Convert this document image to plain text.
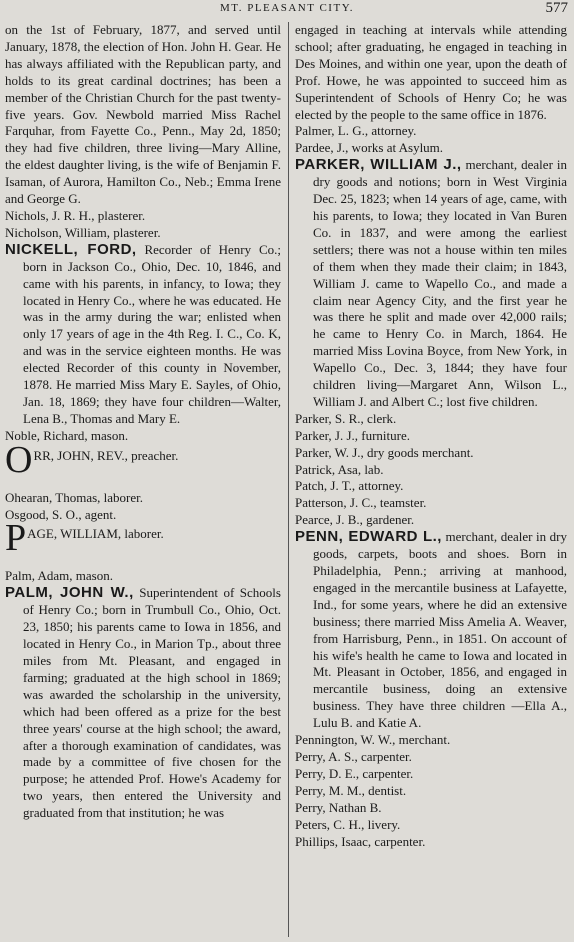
MT. PLEASANT CITY.	577

on the 1st of February, 1877, and served until January, 1878, the election of Hon. John H. Gear. He has always affiliated with the Republican party, and holds to its great cardinal doctrines; has been a member of the Christian Church for the past twenty-five years. Gov. Newbold married Miss Rachel Farquhar, from Fayette Co., Penn., May 2d, 1850; they had five children, three living—Mary Alline, the eldest daughter living, is the wife of Benjamin F. Isaman, of Aurora, Hamilton Co., Neb.; Emma Irene and George G.

Nichols, J. R. H., plasterer.

Nicholson, William, plasterer.

NICKELL, FORD, Recorder of Henry Co.; born in Jackson Co., Ohio, Dec. 10, 1846, and came with his parents, in infancy, to Iowa; they located in Henry Co., where he was educated. He was in the army during the war; enlisted when only 17 years of age in the 4th Reg. I. C., Co. K, and was in the service eighteen months. He was elected Recorder of this county in November, 1878. He married Miss Mary E. Sayles, of Ohio, Jan. 18, 1869; they have four children—Walter, Lena B., Thomas and Mary E.

Noble, Richard, mason.

O RR, JOHN, REV., preacher.

Ohearan, Thomas, laborer.

Osgood, S. O., agent.

P AGE, WILLIAM, laborer.

Palm, Adam, mason.

PALM, JOHN W., Superintendent of Schools of Henry Co.; born in Trumbull Co., Ohio, Oct. 23, 1850; his parents came to Iowa in 1856, and located in Henry Co., in Marion Tp., about three miles from Mt. Pleasant, and engaged in farming; graduated at the high school in 1869; was awarded the scholarship in the university, which had been offered as a prize for the best three years' course at the high school; the award, after a thorough examination of candidates, was made by a committee of five chosen for the purpose; he attended Prof. Howe's Academy for two years, then entered the University and graduated from that institution; he was

engaged in teaching at intervals while attending school; after graduating, he engaged in teaching in Des Moines, and within one year, upon the death of Prof. Howe, he was appointed to succeed him as Superintendent of Schools of Henry Co; he was elected by the people to the same office in 1876.

Palmer, L. G., attorney.

Pardee, J., works at Asylum.

PARKER, WILLIAM J., merchant, dealer in dry goods and notions; born in West Virginia Dec. 25, 1823; when 14 years of age, came, with his parents, to Iowa; they located in Van Buren Co. in 1837, and were among the earliest settlers; there was not a house within ten miles of them when they made their claim; in 1843, William J. came to Wapello Co., and made a claim near Agency City, and the first year he was there he split and made over 42,000 rails; he came to Henry Co. in March, 1864. He married Miss Lovina Boyce, from New York, in Wapello Co., Dec. 3, 1844; they have four children living—Margaret Ann, Wilson L., William J. and Albert C.; lost five children.

Parker, S. R., clerk.

Parker, J. J., furniture.

Parker, W. J., dry goods merchant.

Patrick, Asa, lab.

Patch, J. T., attorney.

Patterson, J. C., teamster.

Pearce, J. B., gardener.

PENN, EDWARD L., merchant, dealer in dry goods, carpets, boots and shoes. Born in Philadelphia, Penn.; arriving at manhood, engaged in the mercantile business at Lafayette, Ind., for some years, where he did an extensive business; there married Miss Amelia A. Weaver, from Harrisburg, Penn., in 1851. On account of his wife's health he came to Iowa and located in Mt. Pleasant in October, 1856, and engaged in mercantile business, doing an extensive business. They have three children —Ella A., Lulu B. and Katie A.

Pennington, W. W., merchant.

Perry, A. S., carpenter.

Perry, D. E., carpenter.

Perry, M. M., dentist.

Perry, Nathan B.

Peters, C. H., livery.

Phillips, Isaac, carpenter.
